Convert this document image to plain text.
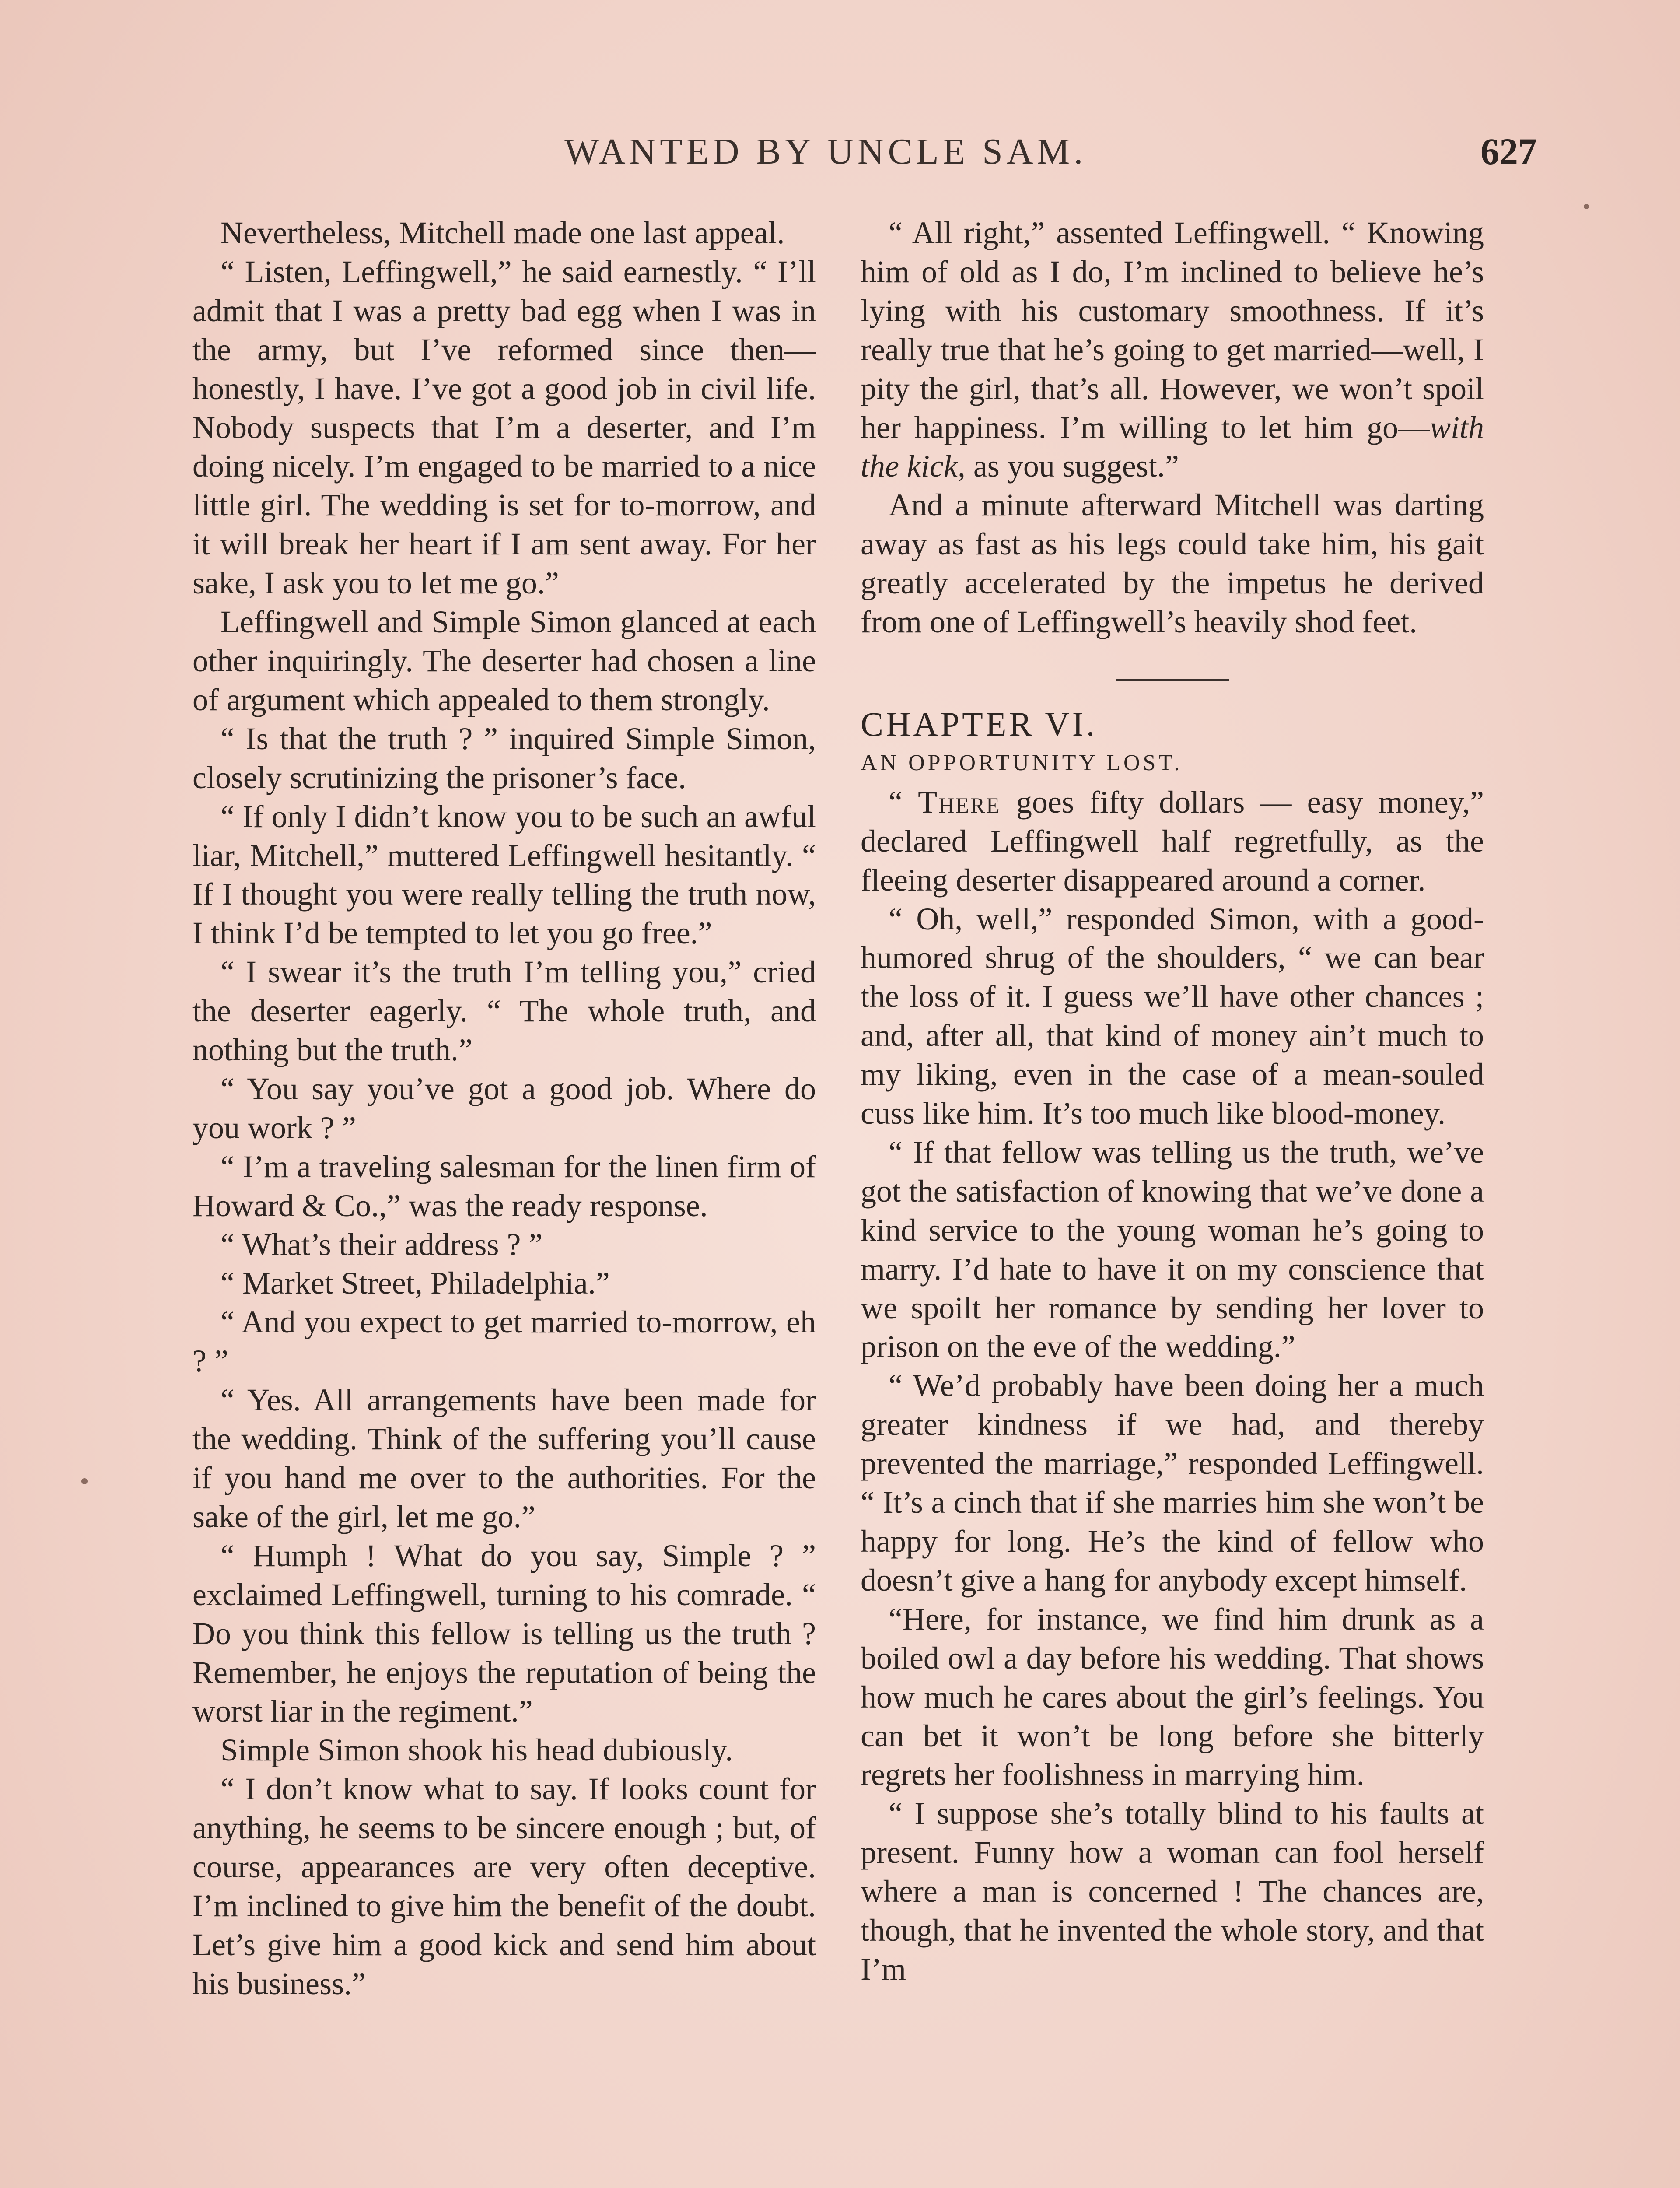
WANTED BY UNCLE SAM.	627

Nevertheless, Mitchell made one last appeal.

“ Listen, Leffingwell,” he said earnestly. “ I’ll admit that I was a pretty bad egg when I was in the army, but I’ve reformed since then—honestly, I have. I’ve got a good job in civil life. Nobody suspects that I’m a deserter, and I’m doing nicely. I’m engaged to be married to a nice little girl. The wedding is set for to-morrow, and it will break her heart if I am sent away. For her sake, I ask you to let me go.”

Leffingwell and Simple Simon glanced at each other inquiringly. The deserter had chosen a line of argument which appealed to them strongly.

“ Is that the truth ? ” inquired Simple Simon, closely scrutinizing the prisoner’s face.

“ If only I didn’t know you to be such an awful liar, Mitchell,” muttered Leffingwell hesitantly. “ If I thought you were really telling the truth now, I think I’d be tempted to let you go free.”

“ I swear it’s the truth I’m telling you,” cried the deserter eagerly. “ The whole truth, and nothing but the truth.”

“ You say you’ve got a good job. Where do you work ? ”

“ I’m a traveling salesman for the linen firm of Howard & Co.,” was the ready response.

“ What’s their address ? ”

“ Market Street, Philadelphia.”

“ And you expect to get married to-morrow, eh ? ”

“ Yes. All arrangements have been made for the wedding. Think of the suffering you’ll cause if you hand me over to the authorities. For the sake of the girl, let me go.”

“ Humph ! What do you say, Simple ? ” exclaimed Leffingwell, turning to his comrade. “ Do you think this fellow is telling us the truth ? Remember, he enjoys the reputation of being the worst liar in the regiment.”

Simple Simon shook his head dubiously.

“ I don’t know what to say. If looks count for anything, he seems to be sincere enough ; but, of course, appearances are very often deceptive. I’m inclined to give him the benefit of the doubt. Let’s give him a good kick and send him about his business.”

“ All right,” assented Leffingwell. “ Knowing him of old as I do, I’m inclined to believe he’s lying with his customary smoothness. If it’s really true that he’s going to get married—well, I pity the girl, that’s all. However, we won’t spoil her happiness. I’m willing to let him go—with the kick, as you suggest.”

And a minute afterward Mitchell was darting away as fast as his legs could take him, his gait greatly accelerated by the impetus he derived from one of Leffingwell’s heavily shod feet.

CHAPTER VI.

AN OPPORTUNITY LOST.

“ There goes fifty dollars — easy money,” declared Leffingwell half regretfully, as the fleeing deserter disappeared around a corner.

“ Oh, well,” responded Simon, with a good-humored shrug of the shoulders, “ we can bear the loss of it. I guess we’ll have other chances ; and, after all, that kind of money ain’t much to my liking, even in the case of a mean-souled cuss like him. It’s too much like blood-money.

“ If that fellow was telling us the truth, we’ve got the satisfaction of knowing that we’ve done a kind service to the young woman he’s going to marry. I’d hate to have it on my conscience that we spoilt her romance by sending her lover to prison on the eve of the wedding.”

“ We’d probably have been doing her a much greater kindness if we had, and thereby prevented the marriage,” responded Leffingwell. “ It’s a cinch that if she marries him she won’t be happy for long. He’s the kind of fellow who doesn’t give a hang for anybody except himself.

“Here, for instance, we find him drunk as a boiled owl a day before his wedding. That shows how much he cares about the girl’s feelings. You can bet it won’t be long before she bitterly regrets her foolishness in marrying him.

“ I suppose she’s totally blind to his faults at present. Funny how a woman can fool herself where a man is concerned ! The chances are, though, that he invented the whole story, and that I’m
